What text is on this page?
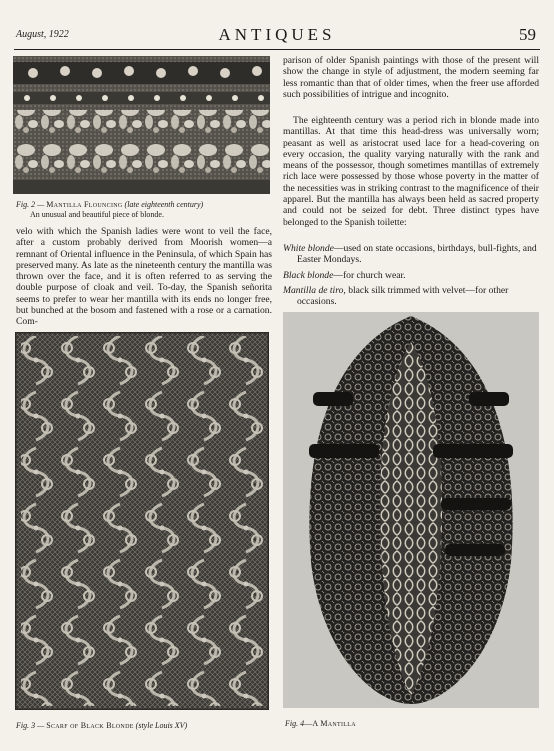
August, 1922	ANTIQUES	59
Fig. 2 — Mantilla Flouncing (late eighteenth century)
An unusual and beautiful piece of blonde.

velo with which the Spanish ladies were wont to veil the face, after a custom probably derived from Moorish women—a remnant of Oriental influence in the Peninsula, of which Spain has preserved many. As late as the nineteenth century the mantilla was thrown over the face, and it is often referred to as serving the double purpose of cloak and veil. To-day, the Spanish señorita seems to prefer to wear her mantilla with its ends no longer free, but bunched at the bosom and fastened with a rose or a carnation. Com-

Fig. 3 — Scarf of Black Blonde (style Louis XV)

parison of older Spanish paintings with those of the present will show the change in style of adjustment, the modern seeming far less romantic than that of older times, when the freer use afforded such possibilities of intrigue and incognito.

The eighteenth century was a period rich in blonde made into mantillas. At that time this head-dress was universally worn; peasant as well as aristocrat used lace for a head-covering on every occasion, the quality varying naturally with the rank and means of the possessor, though sometimes mantillas of extremely rich lace were possessed by those whose poverty in the matter of the necessities was in striking contrast to the magnificence of their apparel. But the mantilla has always been held as sacred property and could not be seized for debt. Three distinct types have belonged to the Spanish toilette:

White blonde—used on state occasions, birthdays, bull-fights, and Easter Mondays.
Black blonde—for church wear.
Mantilla de tiro, black silk trimmed with velvet—for other occasions.
Fig. 4—A Mantilla
